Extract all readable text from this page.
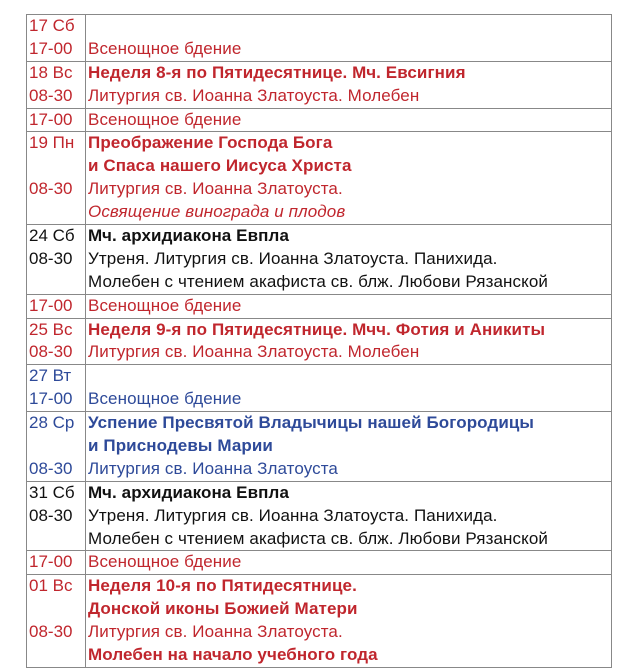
17 Сб
17-00	Всенощное бдение

18 Вс
08-30	Неделя 8-я по Пятидесятнице. Мч. Евсигния
Литургия св. Иоанна Златоуста. Молебен

17-00	Всенощное бдение

19 Пн
08-30	Преображение Господа Бога
и Спаса нашего Иисуса Христа
Литургия св. Иоанна Златоуста.
Освящение винограда и плодов

24 Сб
08-30	Мч. архидиакона Евпла
Утреня. Литургия св. Иоанна Златоуста. Панихида.
Молебен с чтением акафиста св. блж. Любови Рязанской

17-00	Всенощное бдение

25 Вс
08-30	Неделя 9-я по Пятидесятнице. Мчч. Фотия и Аникиты
Литургия св. Иоанна Златоуста. Молебен

27 Вт
17-00	Всенощное бдение

28 Ср
08-30	Успение Пресвятой Владычицы нашей Богородицы
и Приснодевы Марии
Литургия св. Иоанна Златоуста

31 Сб
08-30	Мч. архидиакона Евпла
Утреня. Литургия св. Иоанна Златоуста. Панихида.
Молебен с чтением акафиста св. блж. Любови Рязанской

17-00	Всенощное бдение

01 Вс
08-30	Неделя 10-я по Пятидесятнице.
Донской иконы Божией Матери
Литургия св. Иоанна Златоуста.
Молебен на начало учебного года
